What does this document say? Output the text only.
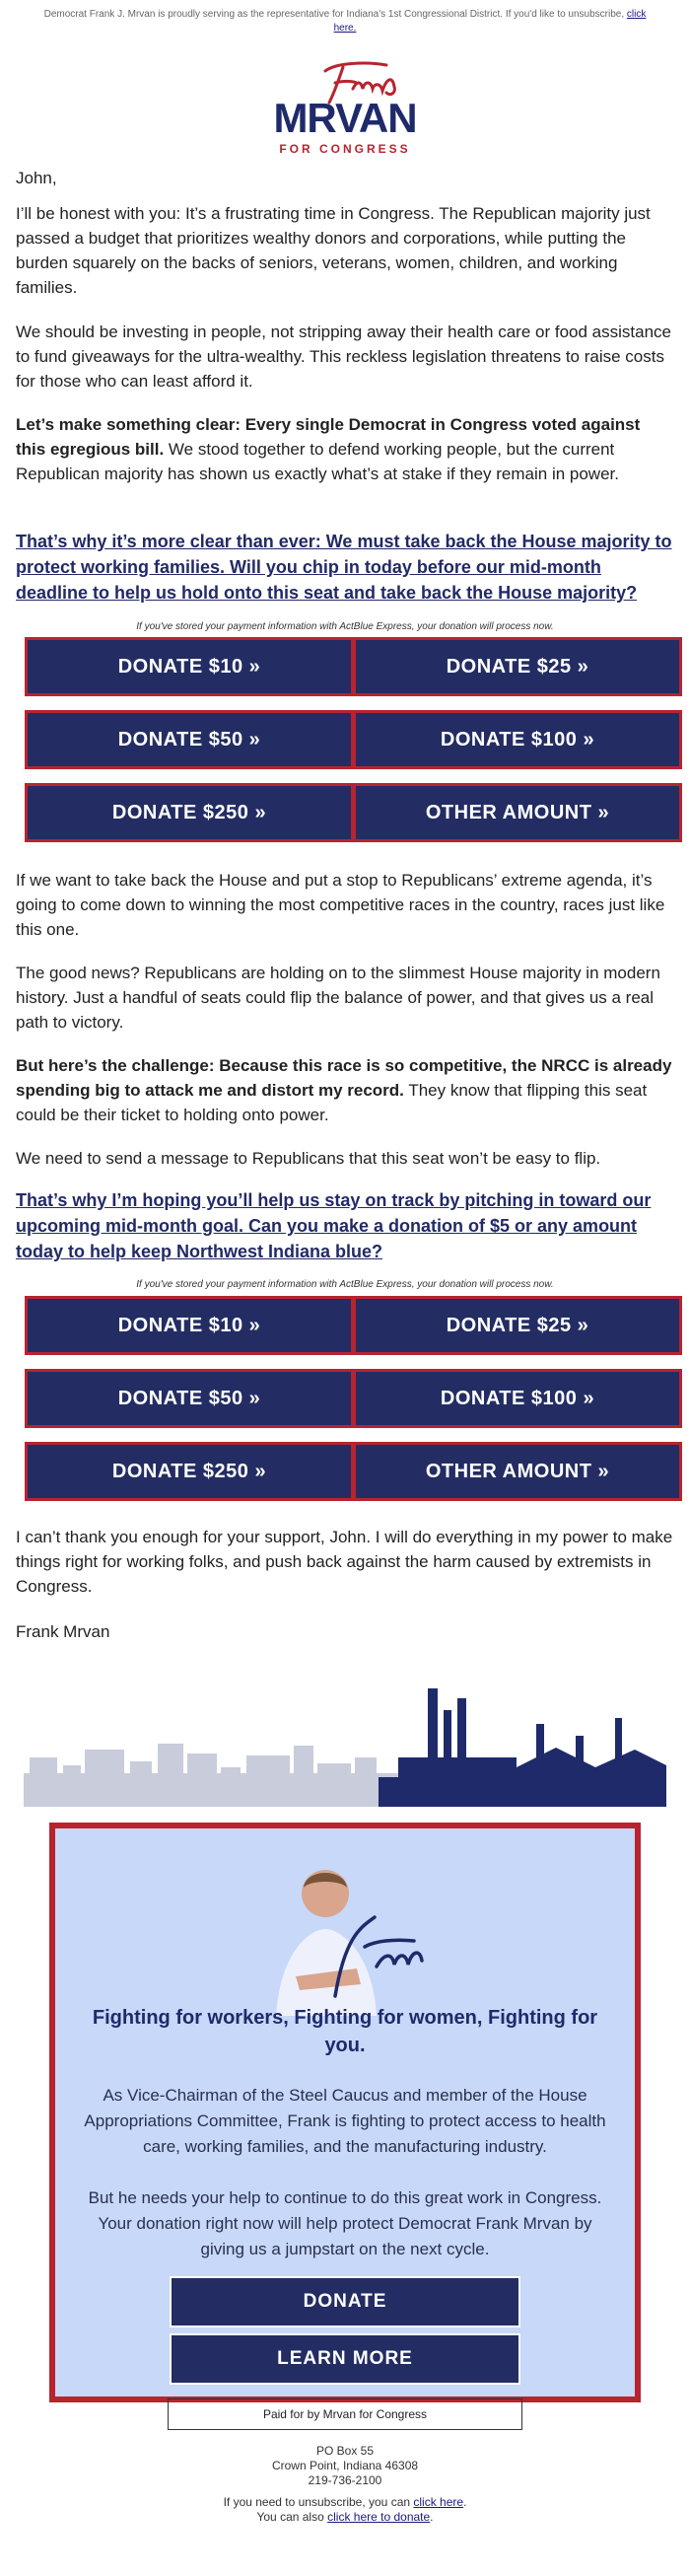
Democrat Frank J. Mrvan is proudly serving as the representative for Indiana's 1st Congressional District. If you'd like to unsubscribe, click here.
MRVAN
FOR CONGRESS
John,
I’ll be honest with you: It’s a frustrating time in Congress. The Republican majority just passed a budget that prioritizes wealthy donors and corporations, while putting the burden squarely on the backs of seniors, veterans, women, children, and working families.
We should be investing in people, not stripping away their health care or food assistance to fund giveaways for the ultra-wealthy. This reckless legislation threatens to raise costs for those who can least afford it.
Let’s make something clear: Every single Democrat in Congress voted against this egregious bill. We stood together to defend working people, but the current Republican majority has shown us exactly what’s at stake if they remain in power.
That’s why it’s more clear than ever: We must take back the House majority to protect working families. Will you chip in today before our mid-month deadline to help us hold onto this seat and take back the House majority?
If you've stored your payment information with ActBlue Express, your donation will process now.
DONATE $10 »	DONATE $25 »
DONATE $50 »	DONATE $100 »
DONATE $250 »	OTHER AMOUNT »
If we want to take back the House and put a stop to Republicans’ extreme agenda, it’s going to come down to winning the most competitive races in the country, races just like this one.
The good news? Republicans are holding on to the slimmest House majority in modern history. Just a handful of seats could flip the balance of power, and that gives us a real path to victory.
But here’s the challenge: Because this race is so competitive, the NRCC is already spending big to attack me and distort my record. They know that flipping this seat could be their ticket to holding onto power.
We need to send a message to Republicans that this seat won’t be easy to flip.
That’s why I’m hoping you’ll help us stay on track by pitching in toward our upcoming mid-month goal. Can you make a donation of $5 or any amount today to help keep Northwest Indiana blue?
If you've stored your payment information with ActBlue Express, your donation will process now.
DONATE $10 »	DONATE $25 »
DONATE $50 »	DONATE $100 »
DONATE $250 »	OTHER AMOUNT »
I can’t thank you enough for your support, John. I will do everything in my power to make things right for working folks, and push back against the harm caused by extremists in Congress.
Frank Mrvan
Fighting for workers, Fighting for women, Fighting for you.
As Vice-Chairman of the Steel Caucus and member of the House Appropriations Committee, Frank is fighting to protect access to health care, working families, and the manufacturing industry.
But he needs your help to continue to do this great work in Congress. Your donation right now will help protect Democrat Frank Mrvan by giving us a jumpstart on the next cycle.
DONATE
LEARN MORE
Paid for by Mrvan for Congress
PO Box 55
Crown Point, Indiana 46308
219-736-2100
If you need to unsubscribe, you can click here.
You can also click here to donate.
